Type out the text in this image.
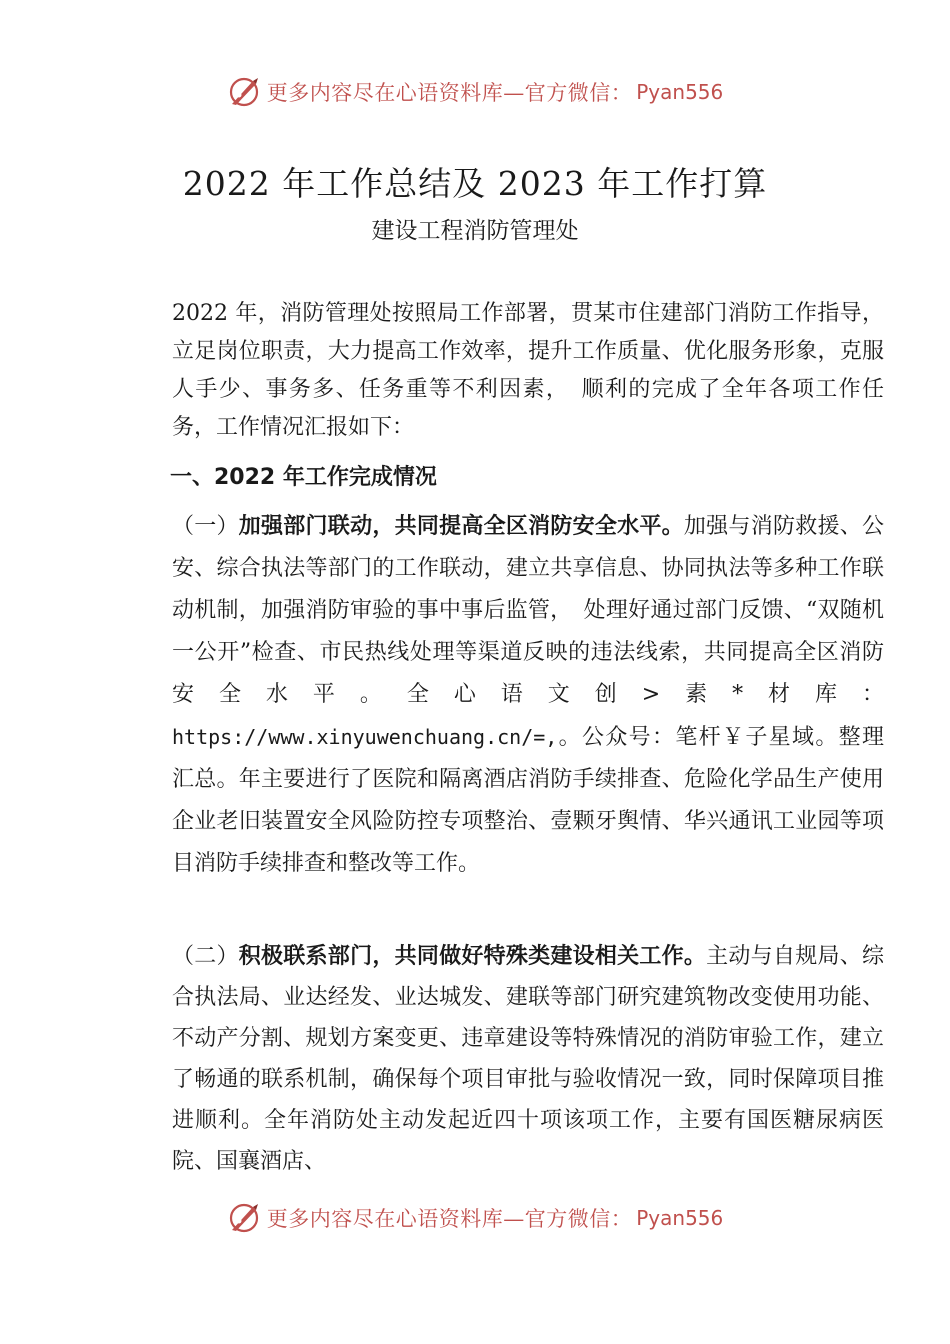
更多内容尽在心语资料库—官方微信： Pyan556
2022 年工作总结及 2023 年工作打算
建设工程消防管理处

2022 年，消防管理处按照局工作部署，贯某市住建部门消防工作指导，立足岗位职责，大力提高工作效率，提升工作质量、优化服务形象，克服人手少、事务多、任务重等不利因素，　顺利的完成了全年各项工作任务，工作情况汇报如下：

一、2022 年工作完成情况

（一）加强部门联动，共同提高全区消防安全水平。加强与消防救援、公安、综合执法等部门的工作联动，建立共享信息、协同执法等多种工作联动机制，加强消防审验的事中事后监管，　处理好通过部门反馈、“双随机一公开”检查、市民热线处理等渠道反映的违法线索，共同提高全区消防安全水平。全心语文创>素*材库：https://www.xinyuwenchuang.cn/=,。公众号：笔杆￥子星域。整理汇总。年主要进行了医院和隔离酒店消防手续排查、危险化学品生产使用企业老旧装置安全风险防控专项整治、壹颗牙舆情、华兴通讯工业园等项目消防手续排查和整改等工作。

（二）积极联系部门，共同做好特殊类建设相关工作。主动与自规局、综合执法局、业达经发、业达城发、建联等部门研究建筑物改变使用功能、不动产分割、规划方案变更、违章建设等特殊情况的消防审验工作，建立了畅通的联系机制，确保每个项目审批与验收情况一致，同时保障项目推进顺利。全年消防处主动发起近四十项该项工作，主要有国医糖尿病医院、国襄酒店、

更多内容尽在心语资料库—官方微信： Pyan556
